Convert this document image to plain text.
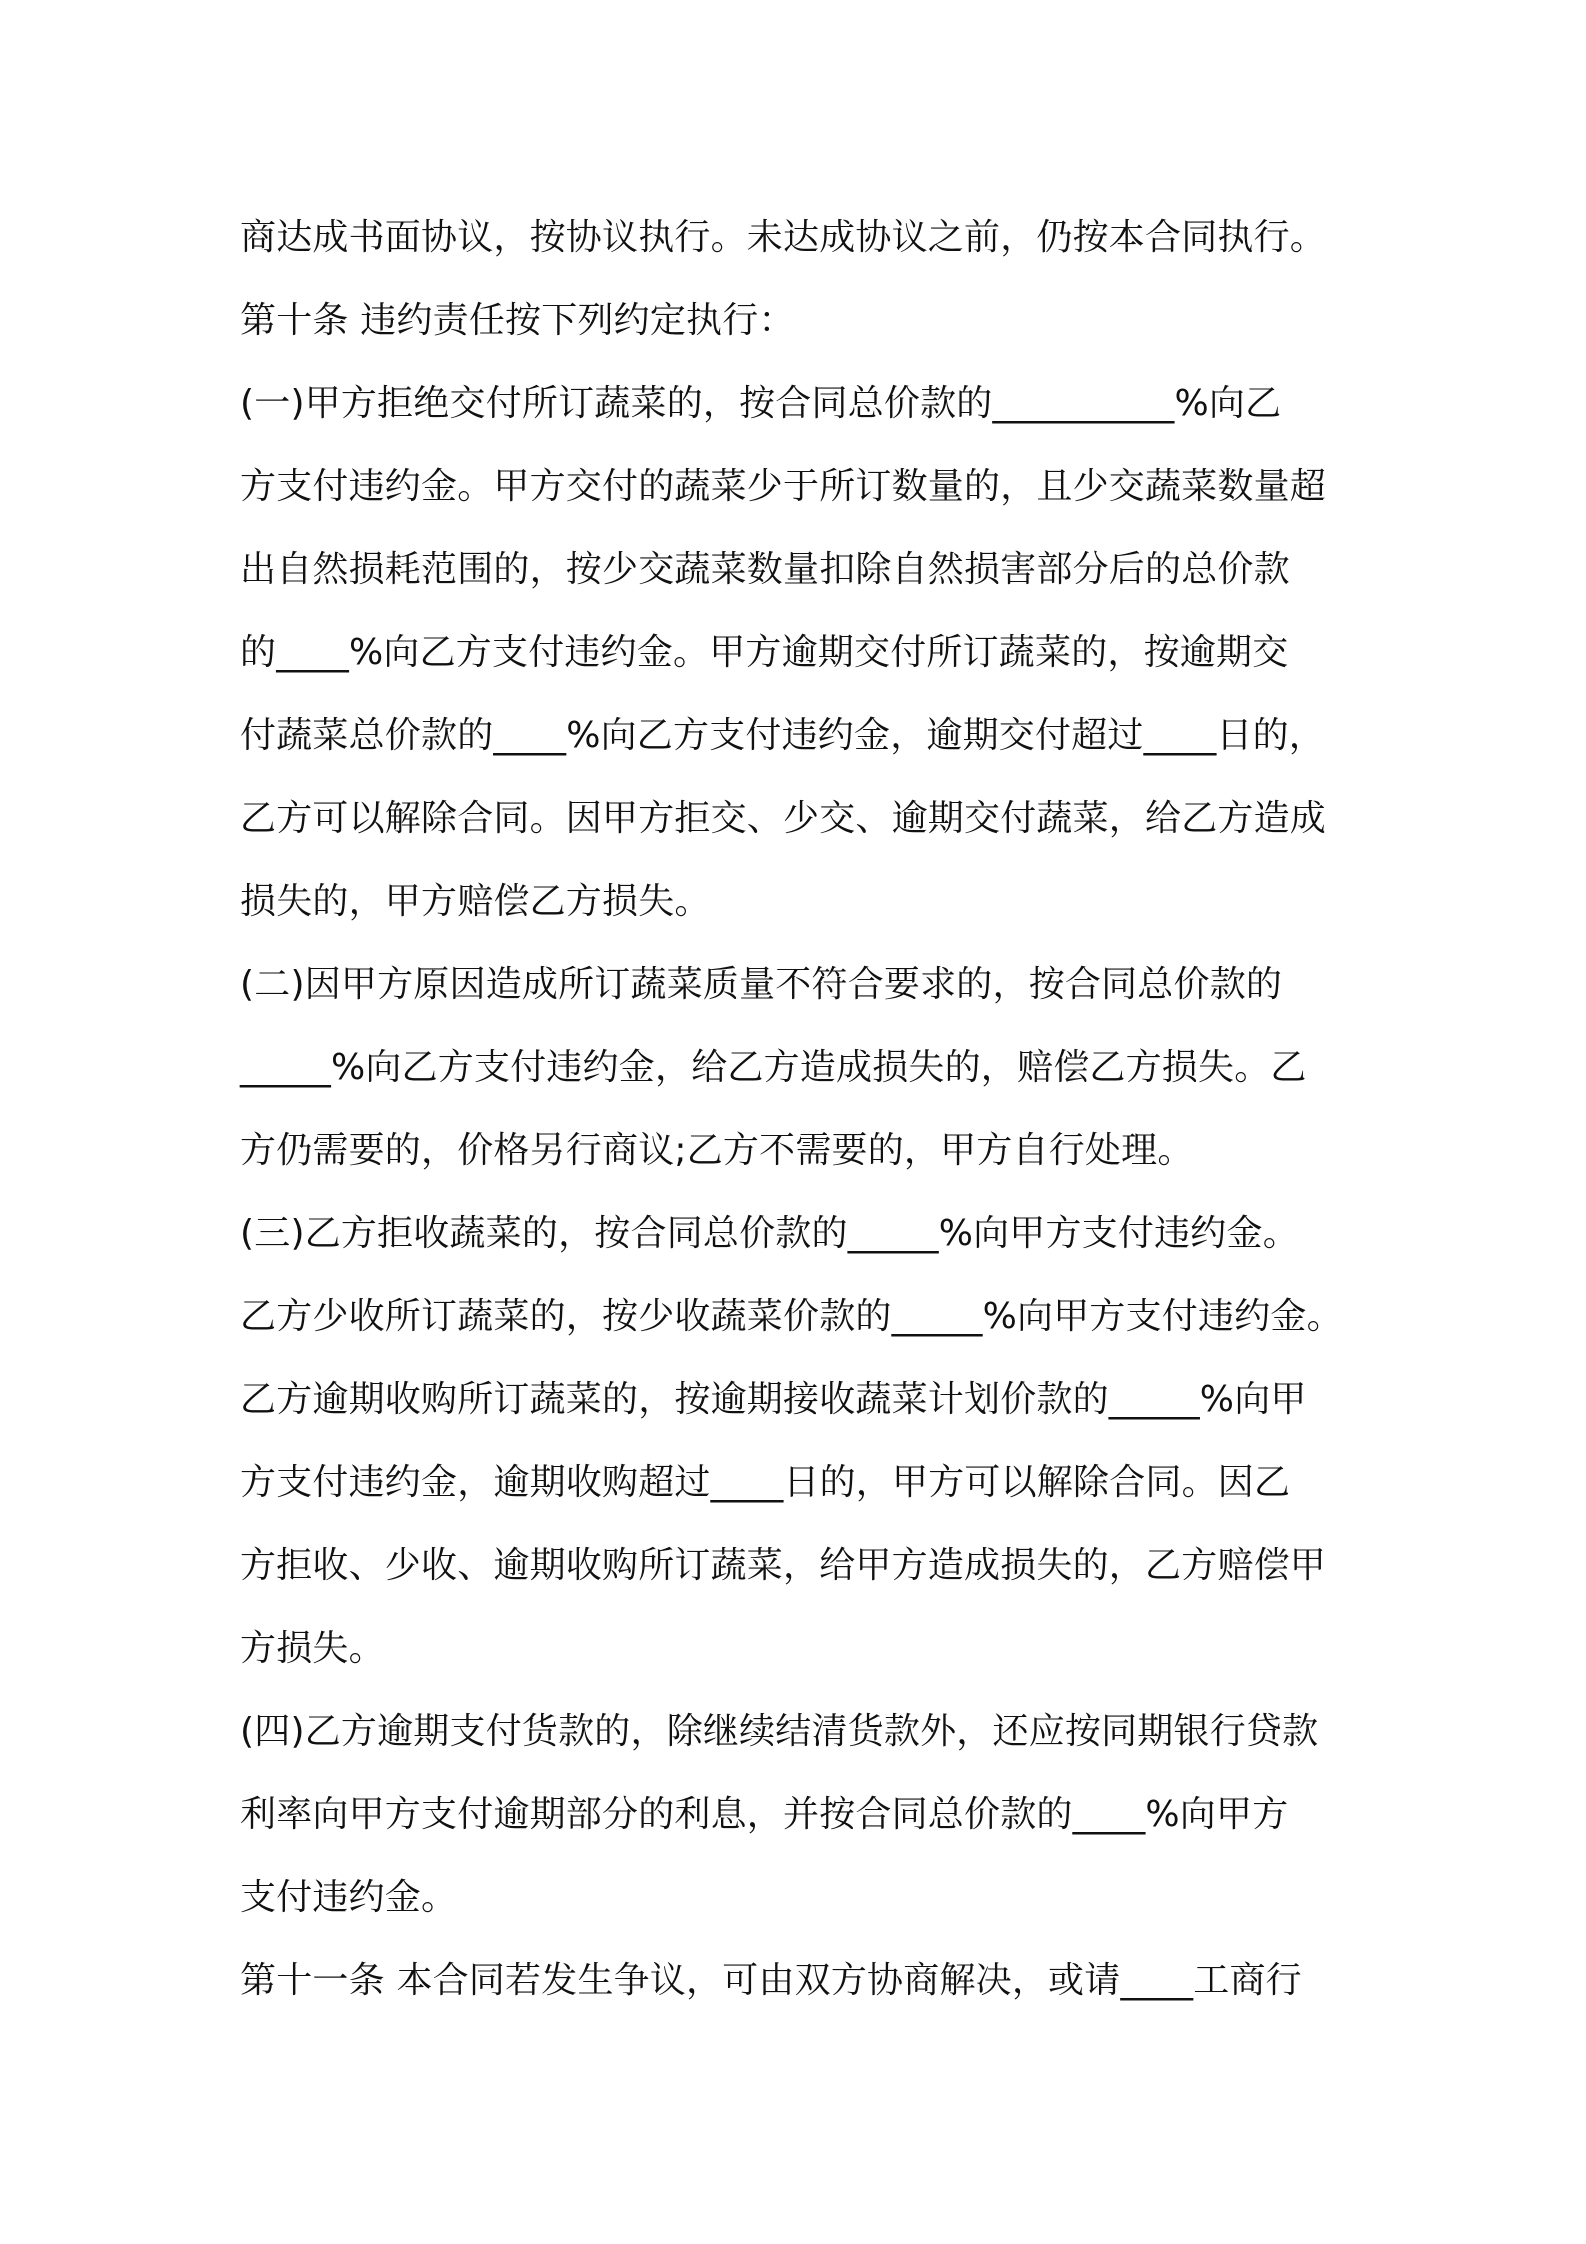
商达成书面协议，按协议执行。未达成协议之前，仍按本合同执行。
第十条 违约责任按下列约定执行：
(一)甲方拒绝交付所订蔬菜的，按合同总价款的__________%向乙
方支付违约金。甲方交付的蔬菜少于所订数量的，且少交蔬菜数量超
出自然损耗范围的，按少交蔬菜数量扣除自然损害部分后的总价款
的____%向乙方支付违约金。甲方逾期交付所订蔬菜的，按逾期交
付蔬菜总价款的____%向乙方支付违约金，逾期交付超过____日的，
乙方可以解除合同。因甲方拒交、少交、逾期交付蔬菜，给乙方造成
损失的，甲方赔偿乙方损失。
(二)因甲方原因造成所订蔬菜质量不符合要求的，按合同总价款的
_____%向乙方支付违约金，给乙方造成损失的，赔偿乙方损失。乙
方仍需要的，价格另行商议;乙方不需要的，甲方自行处理。
(三)乙方拒收蔬菜的，按合同总价款的_____%向甲方支付违约金。
乙方少收所订蔬菜的，按少收蔬菜价款的_____%向甲方支付违约金。
乙方逾期收购所订蔬菜的，按逾期接收蔬菜计划价款的_____%向甲
方支付违约金，逾期收购超过____日的，甲方可以解除合同。因乙
方拒收、少收、逾期收购所订蔬菜，给甲方造成损失的，乙方赔偿甲
方损失。
(四)乙方逾期支付货款的，除继续结清货款外，还应按同期银行贷款
利率向甲方支付逾期部分的利息，并按合同总价款的____%向甲方
支付违约金。
第十一条 本合同若发生争议，可由双方协商解决，或请____工商行
